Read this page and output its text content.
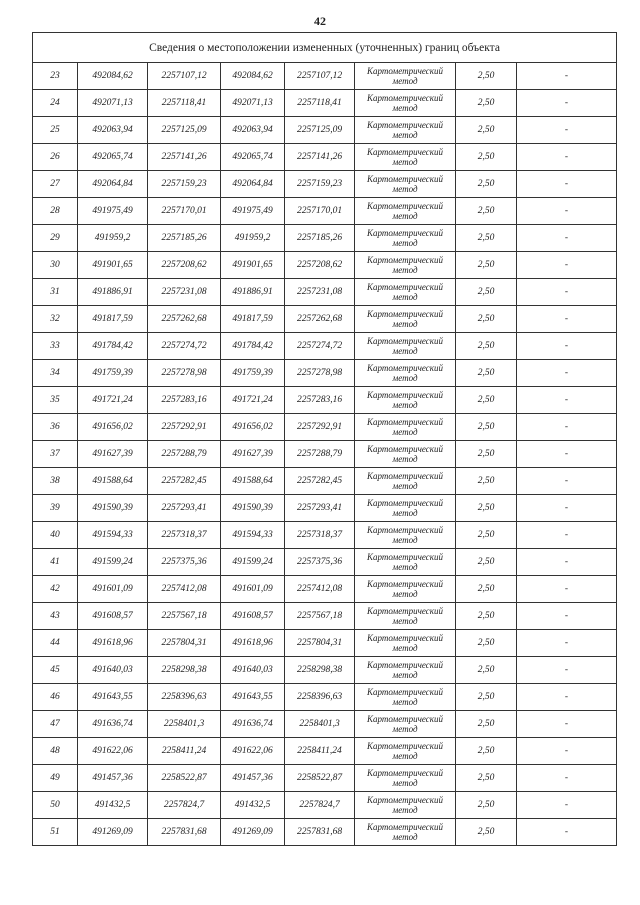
42
Сведения о местоположении измененных (уточненных) границ объекта							
23	492084,62	2257107,12	492084,62	2257107,12	Картометрический метод	2,50	-
24	492071,13	2257118,41	492071,13	2257118,41	Картометрический метод	2,50	-
25	492063,94	2257125,09	492063,94	2257125,09	Картометрический метод	2,50	-
26	492065,74	2257141,26	492065,74	2257141,26	Картометрический метод	2,50	-
27	492064,84	2257159,23	492064,84	2257159,23	Картометрический метод	2,50	-
28	491975,49	2257170,01	491975,49	2257170,01	Картометрический метод	2,50	-
29	491959,2	2257185,26	491959,2	2257185,26	Картометрический метод	2,50	-
30	491901,65	2257208,62	491901,65	2257208,62	Картометрический метод	2,50	-
31	491886,91	2257231,08	491886,91	2257231,08	Картометрический метод	2,50	-
32	491817,59	2257262,68	491817,59	2257262,68	Картометрический метод	2,50	-
33	491784,42	2257274,72	491784,42	2257274,72	Картометрический метод	2,50	-
34	491759,39	2257278,98	491759,39	2257278,98	Картометрический метод	2,50	-
35	491721,24	2257283,16	491721,24	2257283,16	Картометрический метод	2,50	-
36	491656,02	2257292,91	491656,02	2257292,91	Картометрический метод	2,50	-
37	491627,39	2257288,79	491627,39	2257288,79	Картометрический метод	2,50	-
38	491588,64	2257282,45	491588,64	2257282,45	Картометрический метод	2,50	-
39	491590,39	2257293,41	491590,39	2257293,41	Картометрический метод	2,50	-
40	491594,33	2257318,37	491594,33	2257318,37	Картометрический метод	2,50	-
41	491599,24	2257375,36	491599,24	2257375,36	Картометрический метод	2,50	-
42	491601,09	2257412,08	491601,09	2257412,08	Картометрический метод	2,50	-
43	491608,57	2257567,18	491608,57	2257567,18	Картометрический метод	2,50	-
44	491618,96	2257804,31	491618,96	2257804,31	Картометрический метод	2,50	-
45	491640,03	2258298,38	491640,03	2258298,38	Картометрический метод	2,50	-
46	491643,55	2258396,63	491643,55	2258396,63	Картометрический метод	2,50	-
47	491636,74	2258401,3	491636,74	2258401,3	Картометрический метод	2,50	-
48	491622,06	2258411,24	491622,06	2258411,24	Картометрический метод	2,50	-
49	491457,36	2258522,87	491457,36	2258522,87	Картометрический метод	2,50	-
50	491432,5	2257824,7	491432,5	2257824,7	Картометрический метод	2,50	-
51	491269,09	2257831,68	491269,09	2257831,68	Картометрический метод	2,50	-
